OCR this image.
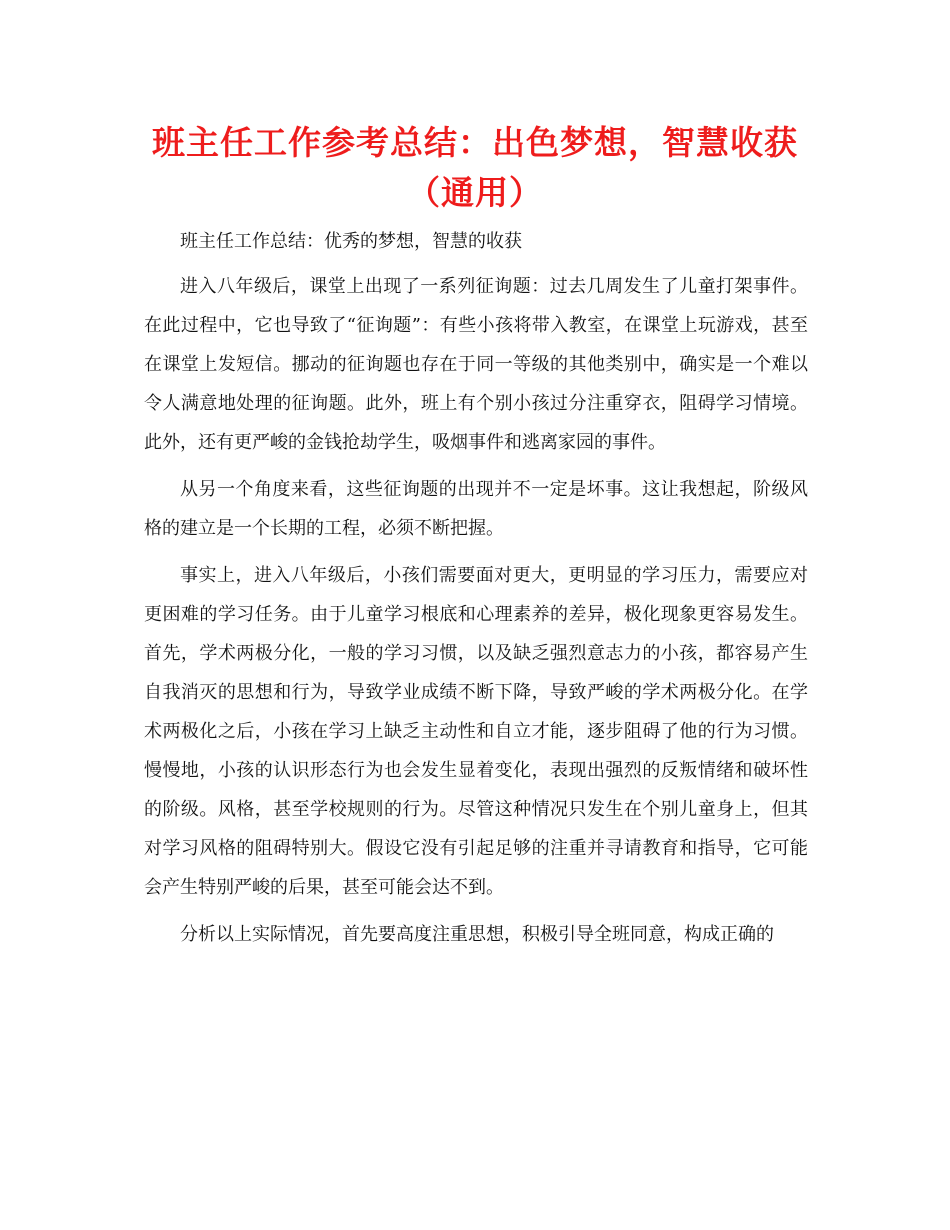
班主任工作参考总结：出色梦想，智慧收获（通用）

班主任工作总结：优秀的梦想，智慧的收获

进入八年级后，课堂上出现了一系列征询题：过去几周发生了儿童打架事件。在此过程中，它也导致了“征询题”：有些小孩将带入教室，在课堂上玩游戏，甚至在课堂上发短信。挪动的征询题也存在于同一等级的其他类别中，确实是一个难以令人满意地处理的征询题。此外，班上有个别小孩过分注重穿衣，阻碍学习情境。此外，还有更严峻的金钱抢劫学生，吸烟事件和逃离家园的事件。

从另一个角度来看，这些征询题的出现并不一定是坏事。这让我想起，阶级风格的建立是一个长期的工程，必须不断把握。

事实上，进入八年级后，小孩们需要面对更大，更明显的学习压力，需要应对更困难的学习任务。由于儿童学习根底和心理素养的差异，极化现象更容易发生。首先，学术两极分化，一般的学习习惯，以及缺乏强烈意志力的小孩，都容易产生自我消灭的思想和行为，导致学业成绩不断下降，导致严峻的学术两极分化。在学术两极化之后，小孩在学习上缺乏主动性和自立才能，逐步阻碍了他的行为习惯。慢慢地，小孩的认识形态行为也会发生显着变化，表现出强烈的反叛情绪和破坏性的阶级。风格，甚至学校规则的行为。尽管这种情况只发生在个别儿童身上，但其对学习风格的阻碍特别大。假设它没有引起足够的注重并寻请教育和指导，它可能会产生特别严峻的后果，甚至可能会达不到。

分析以上实际情况，首先要高度注重思想，积极引导全班同意，构成正确的
